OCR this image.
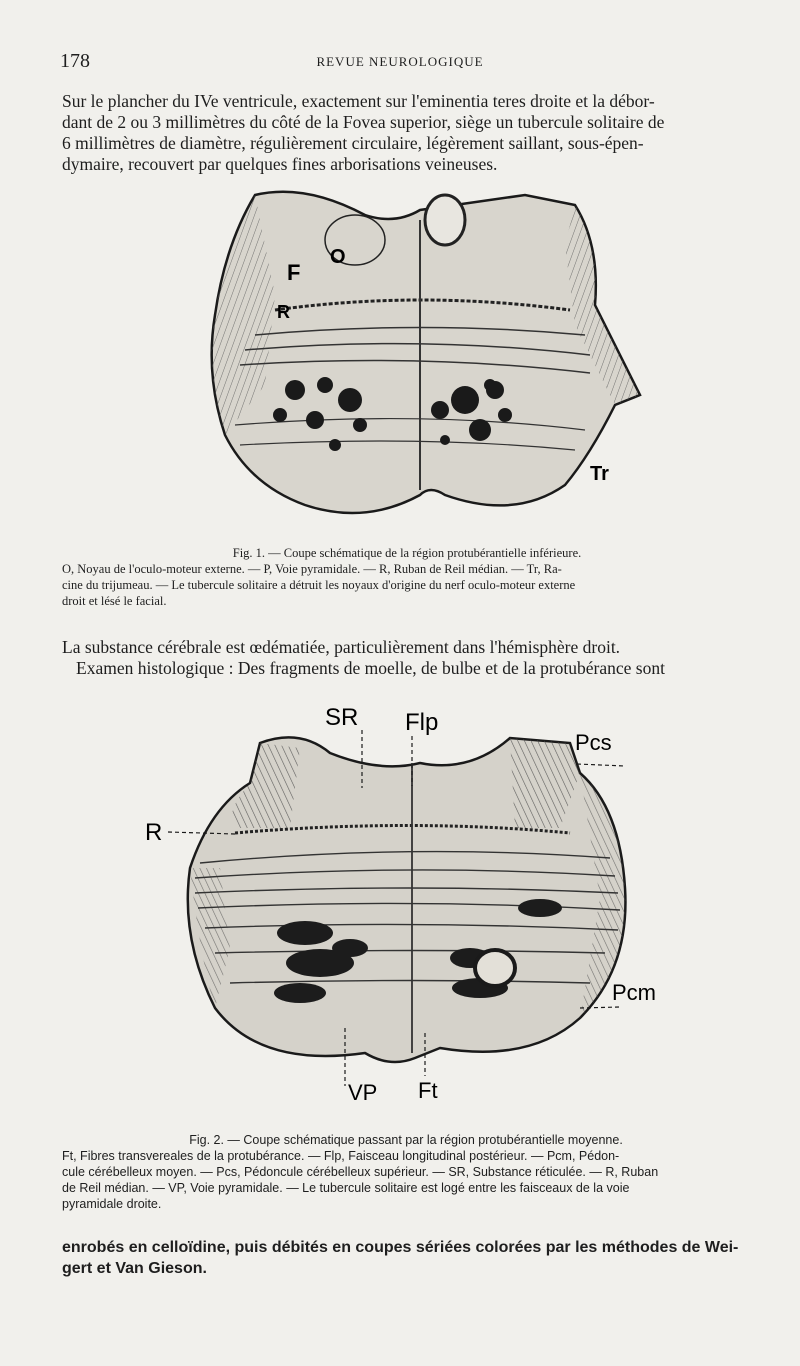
178	REVUE NEUROLOGIQUE
Sur le plancher du IVe ventricule, exactement sur l'eminentia teres droite et la débor-
dant de 2 ou 3 millimètres du côté de la Fovea superior, siège un tubercule solitaire de
6 millimètres de diamètre, régulièrement circulaire, légèrement saillant, sous-épen-
dymaire, recouvert par quelques fines arborisations veineuses.
F
O
R
Tr
Fig. 1. — Coupe schématique de la région protubérantielle inférieure.
O, Noyau de l'oculo-moteur externe. — P, Voie pyramidale. — R, Ruban de Reil médian. — Tr, Ra-
cine du trijumeau. — Le tubercule solitaire a détruit les noyaux d'origine du nerf oculo-moteur externe
droit et lésé le facial.
La substance cérébrale est œdématiée, particulièrement dans l'hémisphère droit.
Examen histologique : Des fragments de moelle, de bulbe et de la protubérance sont
SR Flp
Pcs
R
Pcm
VP Ft
Fig. 2. — Coupe schématique passant par la région protubérantielle moyenne.
Ft, Fibres transvereales de la protubérance. — Flp, Faisceau longitudinal postérieur. — Pcm, Pédon-
cule cérébelleux moyen. — Pcs, Pédoncule cérébelleux supérieur. — SR, Substance réticulée. — R, Ruban
de Reil médian. — VP, Voie pyramidale. — Le tubercule solitaire est logé entre les faisceaux de la voie
pyramidale droite.
enrobés en celloïdine, puis débités en coupes sériées colorées par les méthodes de Wei-
gert et Van Gieson.
